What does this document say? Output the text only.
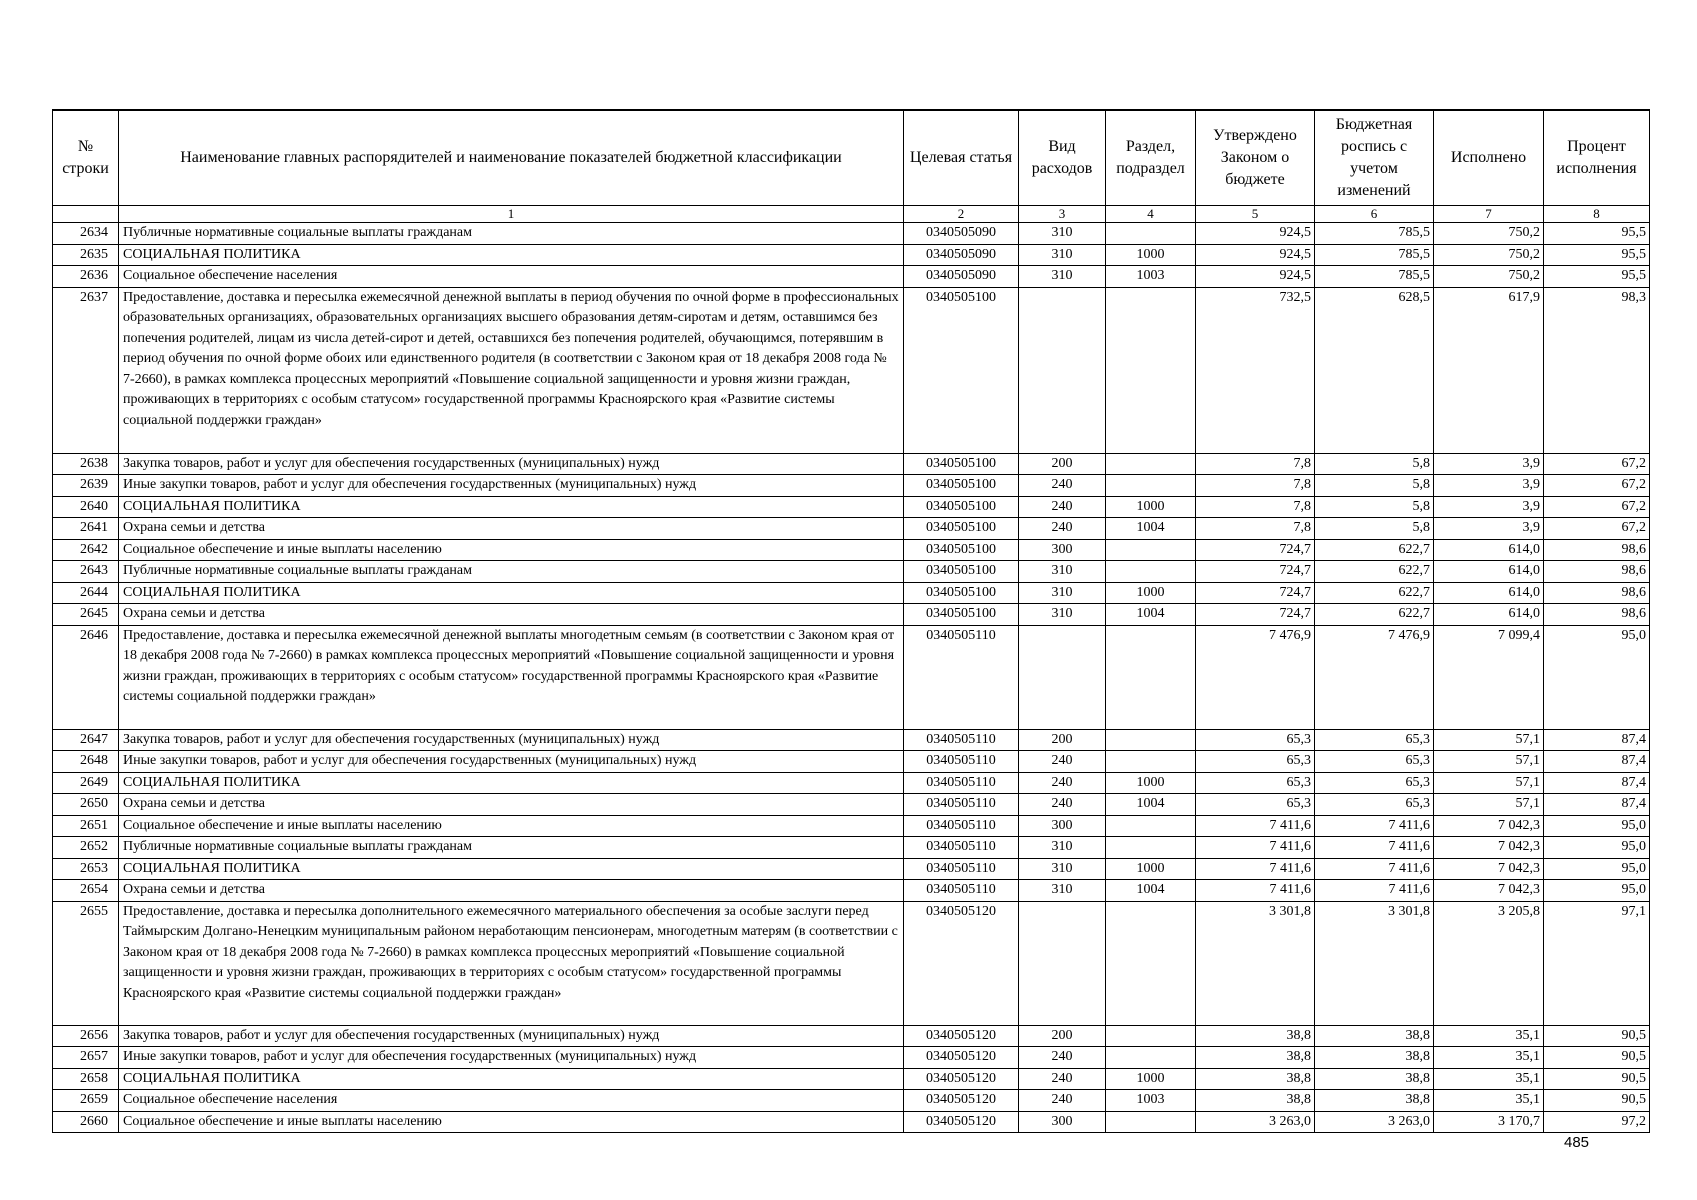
№ строки	Наименование главных распорядителей и наименование показателей бюджетной классификации	Целевая статья	Вид расходов	Раздел, подраздел	Утверждено Законом о бюджете	Бюджетная роспись с учетом изменений	Исполнено	Процент исполнения
	1	2	3	4	5	6	7	8
2634	Публичные нормативные социальные выплаты гражданам	0340505090	310		924,5	785,5	750,2	95,5
2635	СОЦИАЛЬНАЯ ПОЛИТИКА	0340505090	310	1000	924,5	785,5	750,2	95,5
2636	Социальное обеспечение населения	0340505090	310	1003	924,5	785,5	750,2	95,5
2637	Предоставление, доставка и пересылка ежемесячной денежной выплаты в период обучения по очной форме в профессиональных образовательных организациях, образовательных организациях высшего образования детям-сиротам и детям, оставшимся без попечения родителей, лицам из числа детей-сирот и детей, оставшихся без попечения родителей, обучающимся, потерявшим в период обучения по очной форме обоих или единственного родителя (в соответствии с Законом края от 18 декабря 2008 года № 7-2660), в рамках комплекса процессных мероприятий «Повышение социальной защищенности и уровня жизни граждан, проживающих в территориях с особым статусом» государственной программы Красноярского края «Развитие системы социальной поддержки граждан»	0340505100			732,5	628,5	617,9	98,3
2638	Закупка товаров, работ и услуг для обеспечения государственных (муниципальных) нужд	0340505100	200		7,8	5,8	3,9	67,2
2639	Иные закупки товаров, работ и услуг для обеспечения государственных (муниципальных) нужд	0340505100	240		7,8	5,8	3,9	67,2
2640	СОЦИАЛЬНАЯ ПОЛИТИКА	0340505100	240	1000	7,8	5,8	3,9	67,2
2641	Охрана семьи и детства	0340505100	240	1004	7,8	5,8	3,9	67,2
2642	Социальное обеспечение и иные выплаты населению	0340505100	300		724,7	622,7	614,0	98,6
2643	Публичные нормативные социальные выплаты гражданам	0340505100	310		724,7	622,7	614,0	98,6
2644	СОЦИАЛЬНАЯ ПОЛИТИКА	0340505100	310	1000	724,7	622,7	614,0	98,6
2645	Охрана семьи и детства	0340505100	310	1004	724,7	622,7	614,0	98,6
2646	Предоставление, доставка и пересылка ежемесячной денежной выплаты многодетным семьям (в соответствии с Законом края от 18 декабря 2008 года № 7-2660) в рамках комплекса процессных мероприятий «Повышение социальной защищенности и уровня жизни граждан, проживающих в территориях с особым статусом» государственной программы Красноярского края «Развитие системы социальной поддержки граждан»	0340505110			7 476,9	7 476,9	7 099,4	95,0
2647	Закупка товаров, работ и услуг для обеспечения государственных (муниципальных) нужд	0340505110	200		65,3	65,3	57,1	87,4
2648	Иные закупки товаров, работ и услуг для обеспечения государственных (муниципальных) нужд	0340505110	240		65,3	65,3	57,1	87,4
2649	СОЦИАЛЬНАЯ ПОЛИТИКА	0340505110	240	1000	65,3	65,3	57,1	87,4
2650	Охрана семьи и детства	0340505110	240	1004	65,3	65,3	57,1	87,4
2651	Социальное обеспечение и иные выплаты населению	0340505110	300		7 411,6	7 411,6	7 042,3	95,0
2652	Публичные нормативные социальные выплаты гражданам	0340505110	310		7 411,6	7 411,6	7 042,3	95,0
2653	СОЦИАЛЬНАЯ ПОЛИТИКА	0340505110	310	1000	7 411,6	7 411,6	7 042,3	95,0
2654	Охрана семьи и детства	0340505110	310	1004	7 411,6	7 411,6	7 042,3	95,0
2655	Предоставление, доставка и пересылка дополнительного ежемесячного материального обеспечения за особые заслуги перед Таймырским Долгано-Ненецким муниципальным районом неработающим пенсионерам, многодетным матерям (в соответствии с Законом края от 18 декабря 2008 года № 7-2660) в рамках комплекса процессных мероприятий «Повышение социальной защищенности и уровня жизни граждан, проживающих в территориях с особым статусом» государственной программы Красноярского края «Развитие системы социальной поддержки граждан»	0340505120			3 301,8	3 301,8	3 205,8	97,1
2656	Закупка товаров, работ и услуг для обеспечения государственных (муниципальных) нужд	0340505120	200		38,8	38,8	35,1	90,5
2657	Иные закупки товаров, работ и услуг для обеспечения государственных (муниципальных) нужд	0340505120	240		38,8	38,8	35,1	90,5
2658	СОЦИАЛЬНАЯ ПОЛИТИКА	0340505120	240	1000	38,8	38,8	35,1	90,5
2659	Социальное обеспечение населения	0340505120	240	1003	38,8	38,8	35,1	90,5
2660	Социальное обеспечение и иные выплаты населению	0340505120	300		3 263,0	3 263,0	3 170,7	97,2
485
